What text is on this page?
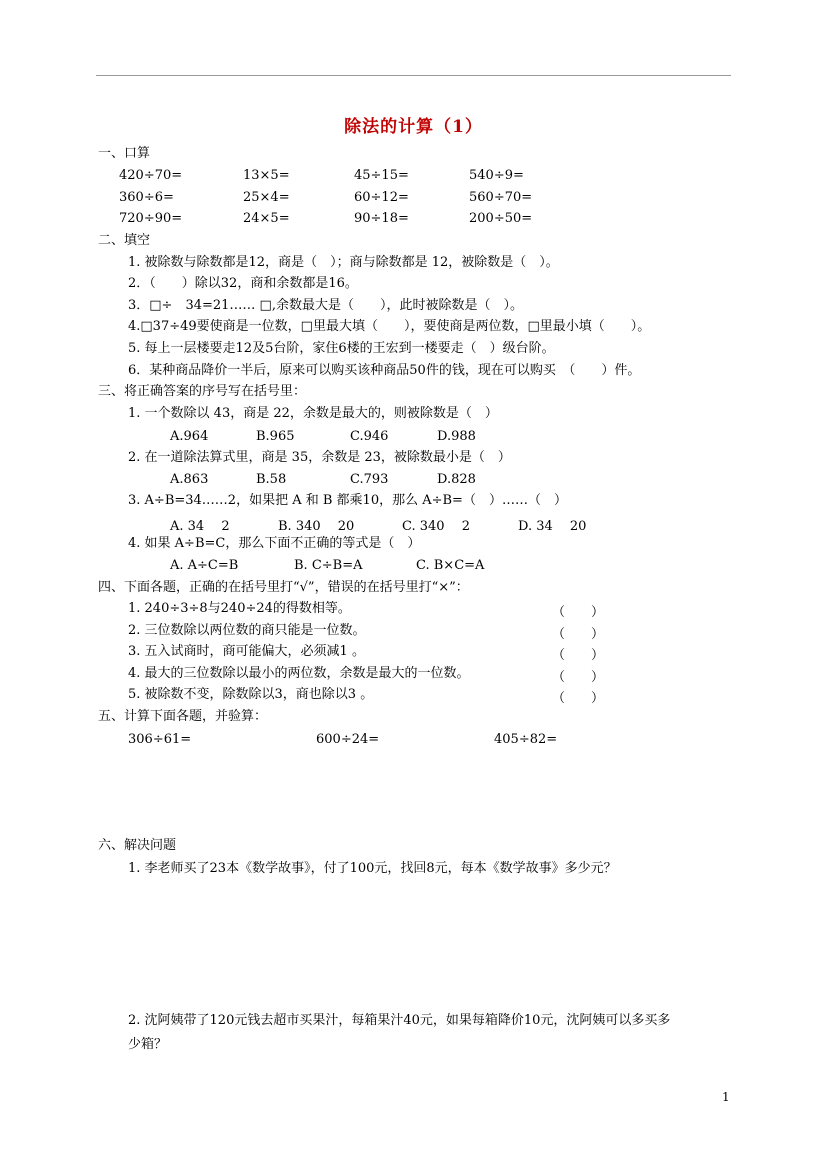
除法的计算（1）
一、口算
420÷70=	13×5=	45÷15=	540÷9=
360÷6=	25×4=	60÷12=	560÷70=
720÷90=	24×5=	90÷18=	200÷50=
二、填空
1. 被除数与除数都是12，商是（　）；商与除数都是 12，被除数是（　）。
2．（　　）除以32，商和余数都是16。
3．□÷　34=21…… □,余数最大是（　　），此时被除数是（　）。
4.□37÷49要使商是一位数，□里最大填（　　），要使商是两位数，□里最小填（　　）。
5. 每上一层楼要走12及5台阶，家住6楼的王宏到一楼要走（　）级台阶。
6．某种商品降价一半后，原来可以购买该种商品50件的钱，现在可以购买　（　　）件。
三、将正确答案的序号写在括号里：
1. 一个数除以 43，商是 22，余数是最大的，则被除数是（　）
A.964	B.965	C.946	D.988
2. 在一道除法算式里，商是 35，余数是 23，被除数最小是（　）
A.863	B.58	C.793	D.828
3. A÷B=34……2，如果把 A 和 B 都乘10，那么 A÷B=（　）……（　）
A. 34　 2	B. 340　 20	C. 340　 2	D. 34　 20
4. 如果 A÷B=C，那么下面不正确的等式是（　）
A. A÷C=B	B. C÷B=A	C. B×C=A
四、下面各题，正确的在括号里打“√”，错误的在括号里打“×”：
1. 240÷3÷8与240÷24的得数相等。	（　　）
2. 三位数除以两位数的商只能是一位数。	（　　）
3. 五入试商时，商可能偏大，必须减1 。	（　　）
4. 最大的三位数除以最小的两位数，余数是最大的一位数。	（　　）
5. 被除数不变，除数除以3，商也除以3 。	（　　）
五、计算下面各题，并验算：
306÷61=	600÷24=	405÷82=
六、解决问题
1. 李老师买了23本《数学故事》，付了100元，找回8元，每本《数学故事》多少元？
2. 沈阿姨带了120元钱去超市买果汁，每箱果汁40元，如果每箱降价10元，沈阿姨可以多买多
少箱？
1
